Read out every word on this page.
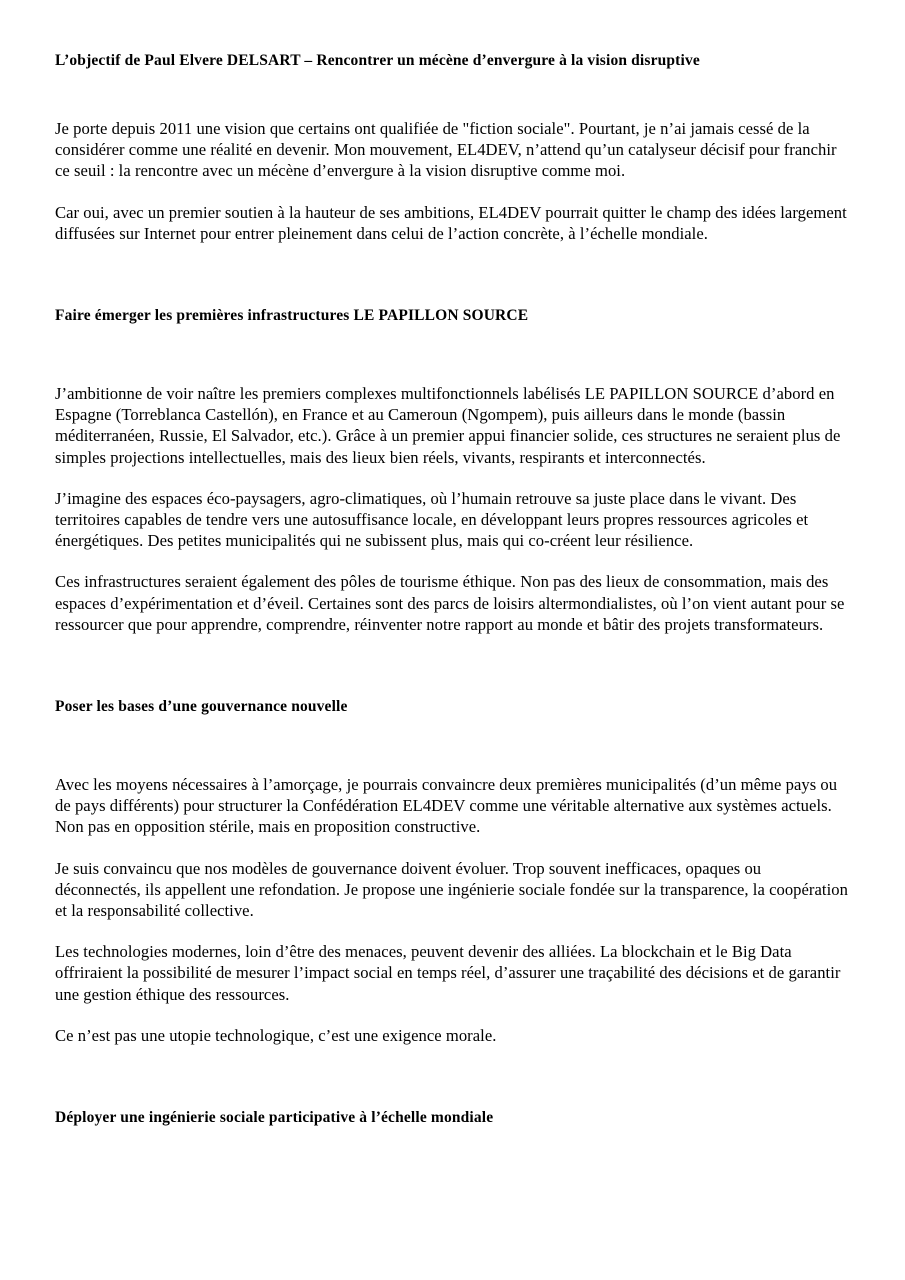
L’objectif de Paul Elvere DELSART – Rencontrer un mécène d’envergure à la vision disruptive

Je porte depuis 2011 une vision que certains ont qualifiée de "fiction sociale". Pourtant, je n’ai jamais cessé de la considérer comme une réalité en devenir. Mon mouvement, EL4DEV, n’attend qu’un catalyseur décisif pour franchir ce seuil : la rencontre avec un mécène d’envergure à la vision disruptive comme moi.

Car oui, avec un premier soutien à la hauteur de ses ambitions, EL4DEV pourrait quitter le champ des idées largement diffusées sur Internet pour entrer pleinement dans celui de l’action concrète, à l’échelle mondiale.

Faire émerger les premières infrastructures LE PAPILLON SOURCE

J’ambitionne de voir naître les premiers complexes multifonctionnels labélisés LE PAPILLON SOURCE d’abord en Espagne (Torreblanca Castellón), en France et au Cameroun (Ngompem), puis ailleurs dans le monde (bassin méditerranéen, Russie, El Salvador, etc.). Grâce à un premier appui financier solide, ces structures ne seraient plus de simples projections intellectuelles, mais des lieux bien réels, vivants, respirants et interconnectés.

J’imagine des espaces éco-paysagers, agro-climatiques, où l’humain retrouve sa juste place dans le vivant. Des territoires capables de tendre vers une autosuffisance locale, en développant leurs propres ressources agricoles et énergétiques. Des petites municipalités qui ne subissent plus, mais qui co-créent leur résilience.

Ces infrastructures seraient également des pôles de tourisme éthique. Non pas des lieux de consommation, mais des espaces d’expérimentation et d’éveil. Certaines sont des parcs de loisirs altermondialistes, où l’on vient autant pour se ressourcer que pour apprendre, comprendre, réinventer notre rapport au monde et bâtir des projets transformateurs.

Poser les bases d’une gouvernance nouvelle

Avec les moyens nécessaires à l’amorçage, je pourrais convaincre deux premières municipalités (d’un même pays ou de pays différents) pour structurer la Confédération EL4DEV comme une véritable alternative aux systèmes actuels. Non pas en opposition stérile, mais en proposition constructive.

Je suis convaincu que nos modèles de gouvernance doivent évoluer. Trop souvent inefficaces, opaques ou déconnectés, ils appellent une refondation. Je propose une ingénierie sociale fondée sur la transparence, la coopération et la responsabilité collective.

Les technologies modernes, loin d’être des menaces, peuvent devenir des alliées. La blockchain et le Big Data offriraient la possibilité de mesurer l’impact social en temps réel, d’assurer une traçabilité des décisions et de garantir une gestion éthique des ressources.

Ce n’est pas une utopie technologique, c’est une exigence morale.

Déployer une ingénierie sociale participative à l’échelle mondiale
